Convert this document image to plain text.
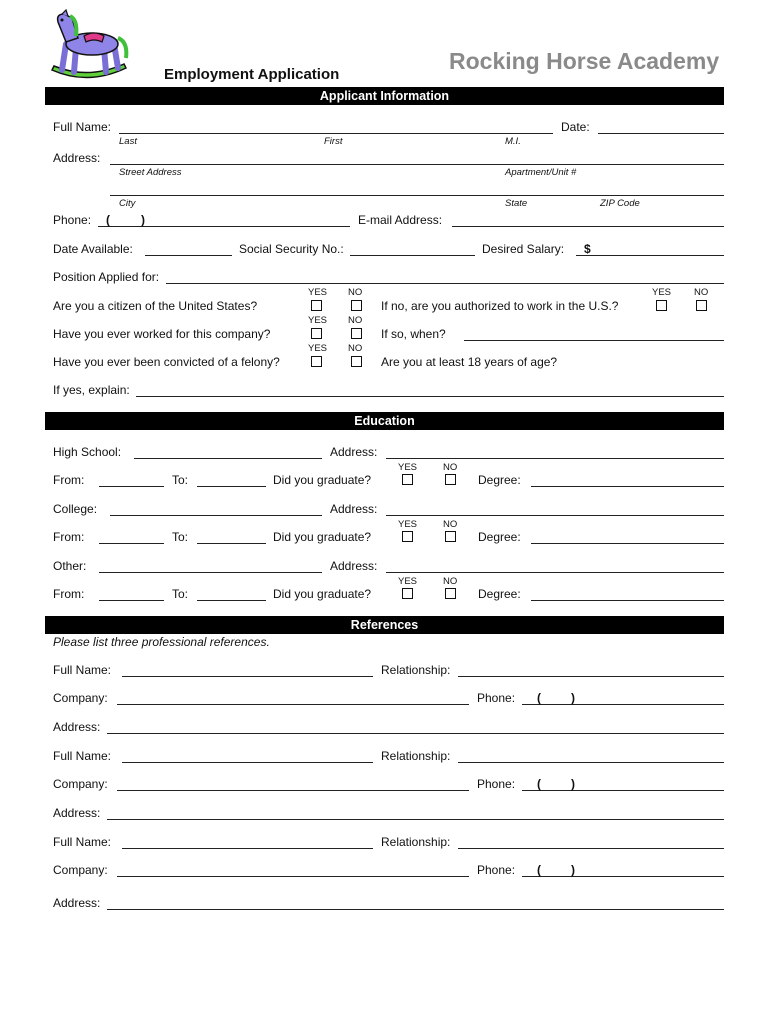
Rocking Horse Academy
Employment Application
Applicant Information
Full Name:	Date:
Last	First	M.I.
Address:
Street Address	Apartment/Unit #
City	State	ZIP Code
Phone: (	)	E-mail Address:
Date Available:	Social Security No.:	Desired Salary: $
Position Applied for:
YES NO	YES NO
Are you a citizen of the United States?	If no, are you authorized to work in the U.S.?
YES NO
Have you ever worked for this company?	If so, when?
YES NO
Have you ever been convicted of a felony?	Are you at least 18 years of age?
If yes, explain:
Education
High School:	Address:
YES	NO
From:	To:	Did you graduate?	Degree:
College:	Address:
YES	NO
From:	To:	Did you graduate?	Degree:
Other:	Address:
YES	NO
From:	To:	Did you graduate?	Degree:
References
Please list three professional references.
Full Name:	Relationship:
Company:	Phone: (	)
Address:
Full Name:	Relationship:
Company:	Phone: (	)
Address:
Full Name:	Relationship:
Company:	Phone: (	)
Address:
